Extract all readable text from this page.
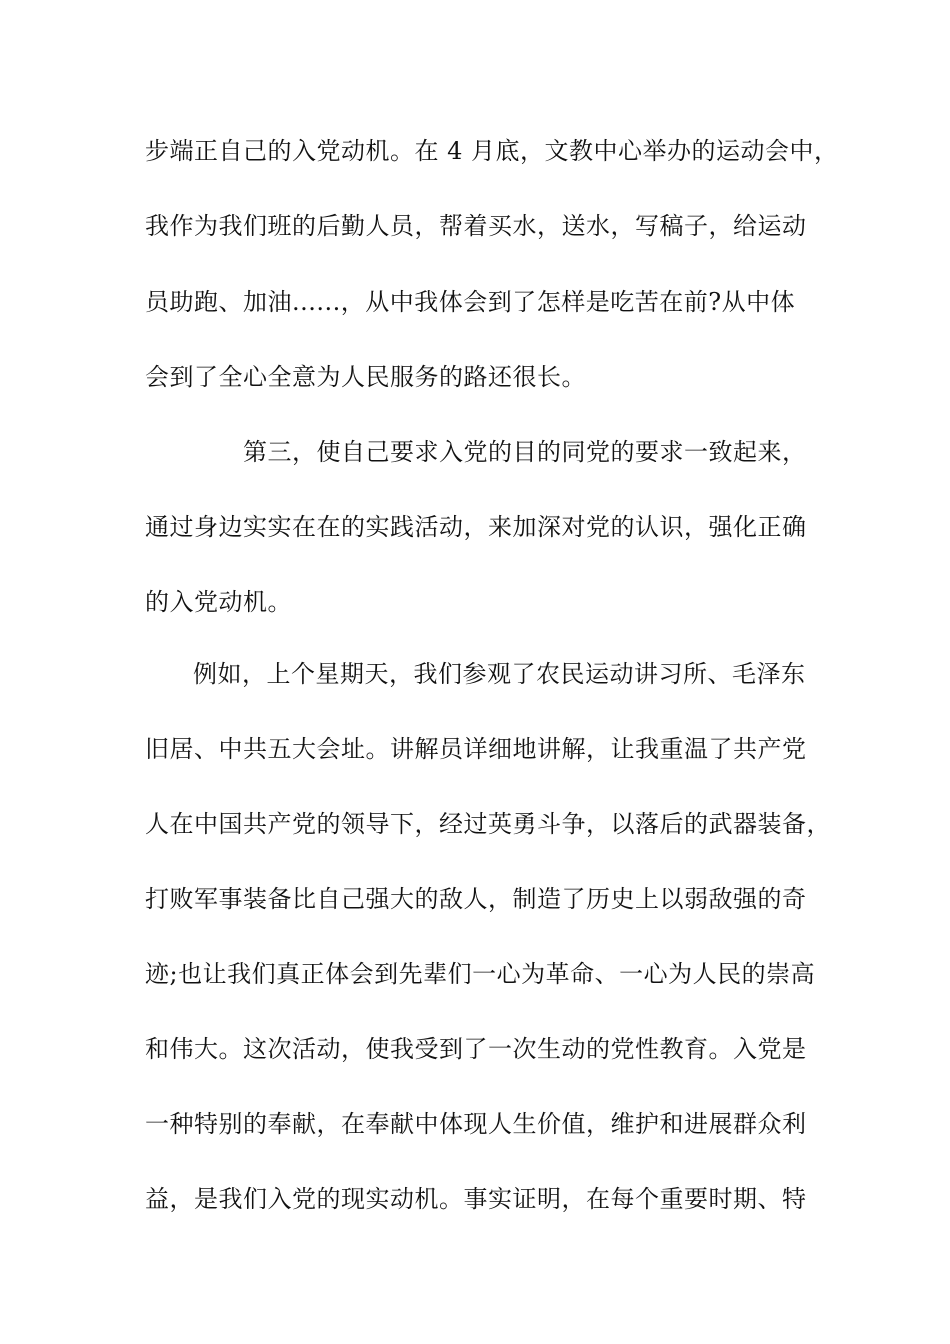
步端正自己的入党动机。在 4 月底，文教中心举办的运动会中，
我作为我们班的后勤人员，帮着买水，送水，写稿子，给运动
员助跑、加油......，从中我体会到了怎样是吃苦在前?从中体
会到了全心全意为人民服务的路还很长。
第三，使自己要求入党的目的同党的要求一致起来，
通过身边实实在在的实践活动，来加深对党的认识，强化正确
的入党动机。
例如，上个星期天，我们参观了农民运动讲习所、毛泽东
旧居、中共五大会址。讲解员详细地讲解，让我重温了共产党
人在中国共产党的领导下，经过英勇斗争，以落后的武器装备，
打败军事装备比自己强大的敌人，制造了历史上以弱敌强的奇
迹;也让我们真正体会到先辈们一心为革命、一心为人民的崇高
和伟大。这次活动，使我受到了一次生动的党性教育。入党是
一种特别的奉献，在奉献中体现人生价值，维护和进展群众利
益，是我们入党的现实动机。事实证明，在每个重要时期、特
